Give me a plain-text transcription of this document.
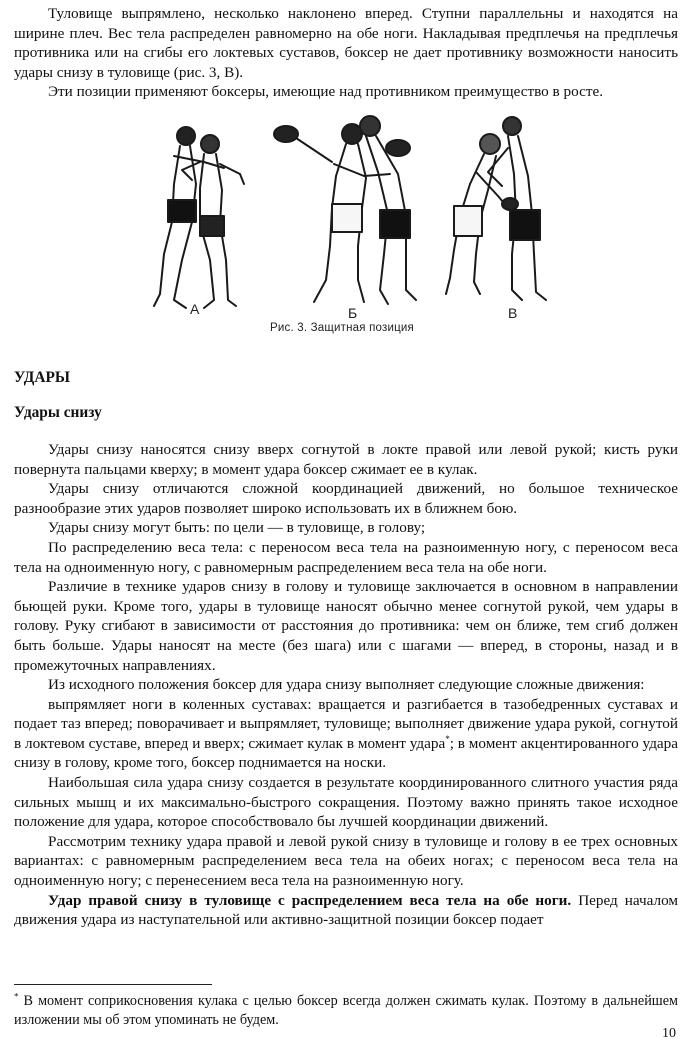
Туловище выпрямлено, несколько наклонено вперед. Ступни параллельны и находятся на ширине плеч. Вес тела распределен равномерно на обе ноги. Накладывая предплечья на предплечья противника или на сгибы его локтевых суставов, боксер не дает противнику возможности наносить удары снизу в туловище (рис. 3, В).

Эти позиции применяют боксеры, имеющие над противником преимущество в росте.

А	Б	В
Рис. 3. Защитная позиция
УДАРЫ
Удары снизу

Удары снизу наносятся снизу вверх согнутой в локте правой или левой рукой; кисть руки повернута пальцами кверху; в момент удара боксер сжимает ее в кулак.

Удары снизу отличаются сложной координацией движений, но большое техническое разнообразие этих ударов позволяет широко использовать их в ближнем бою.

Удары снизу могут быть: по цели — в туловище, в голову;

По распределению веса тела: с переносом веса тела на разноименную ногу, с переносом веса тела на одноименную ногу, с равномерным распределением веса тела на обе ноги.

Различие в технике ударов снизу в голову и туловище заключается в основном в направлении бьющей руки. Кроме того, удары в туловище наносят обычно менее согнутой рукой, чем удары в голову. Руку сгибают в зависимости от расстояния до противника: чем он ближе, тем сгиб должен быть больше. Удары наносят на месте (без шага) или с шагами — вперед, в стороны, назад и в промежуточных направлениях.

Из исходного положения боксер для удара снизу выполняет следующие сложные движения:

выпрямляет ноги в коленных суставах: вращается и разгибается в тазобедренных суставах и подает таз вперед; поворачивает и выпрямляет, туловище; выполняет движение удара рукой, согнутой в локтевом суставе, вперед и вверх; сжимает кулак в момент удара*; в момент акцентированного удара снизу в голову, кроме того, боксер поднимается на носки.

Наибольшая сила удара снизу создается в результате координированного слитного участия ряда сильных мышц и их максимально-быстрого сокращения. Поэтому важно принять такое исходное положение для удара, которое способствовало бы лучшей координации движений.

Рассмотрим технику удара правой и левой рукой снизу в туловище и голову в ее трех основных вариантах: с равномерным распределением веса тела на обеих ногах; с переносом веса тела на одноименную ногу; с перенесением веса тела на разноименную ногу.

Удар правой снизу в туловище с распределением веса тела на обе ноги. Перед началом движения удара из наступательной или активно-защитной позиции боксер подает

* В момент соприкосновения кулака с целью боксер всегда должен сжимать кулак. Поэтому в дальнейшем изложении мы об этом упоминать не будем.

10
